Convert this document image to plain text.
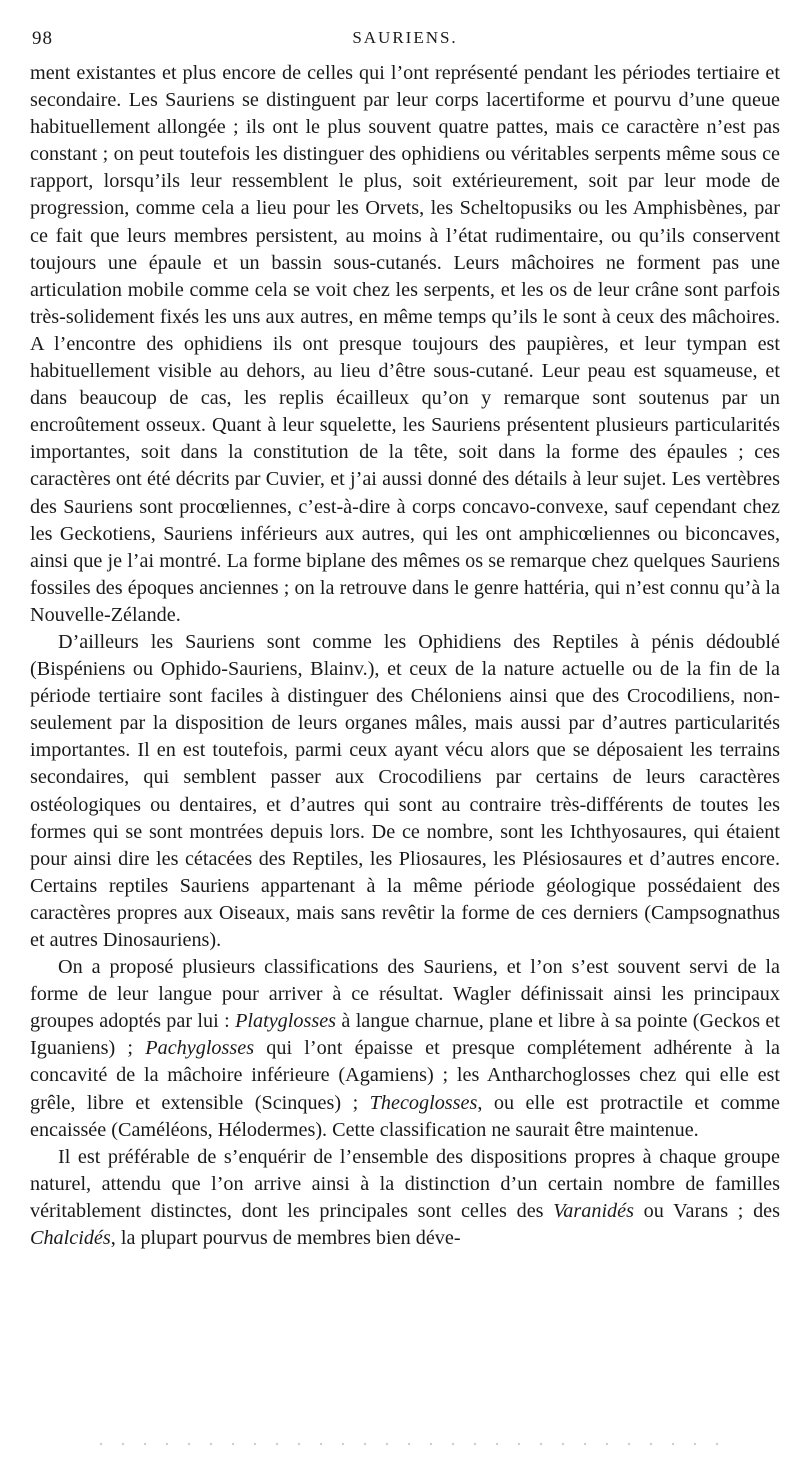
98	SAURIENS.

ment existantes et plus encore de celles qui l’ont représenté pendant les périodes tertiaire et secondaire. Les Sauriens se distinguent par leur corps lacertiforme et pourvu d’une queue habituellement allongée ; ils ont le plus souvent quatre pattes, mais ce caractère n’est pas constant ; on peut toutefois les distinguer des ophidiens ou véritables serpents même sous ce rapport, lorsqu’ils leur ressemblent le plus, soit extérieurement, soit par leur mode de progression, comme cela a lieu pour les Orvets, les Scheltopusiks ou les Amphisbènes, par ce fait que leurs membres persistent, au moins à l’état rudimentaire, ou qu’ils conservent toujours une épaule et un bassin sous-cutanés. Leurs mâchoires ne forment pas une articulation mobile comme cela se voit chez les serpents, et les os de leur crâne sont parfois très-solidement fixés les uns aux autres, en même temps qu’ils le sont à ceux des mâchoires. A l’encontre des ophidiens ils ont presque toujours des paupières, et leur tympan est habituellement visible au dehors, au lieu d’être sous-cutané. Leur peau est squameuse, et dans beaucoup de cas, les replis écailleux qu’on y remarque sont soutenus par un encroûtement osseux. Quant à leur squelette, les Sauriens présentent plusieurs particularités importantes, soit dans la constitution de la tête, soit dans la forme des épaules ; ces caractères ont été décrits par Cuvier, et j’ai aussi donné des détails à leur sujet. Les vertèbres des Sauriens sont procœliennes, c’est-à-dire à corps concavo-convexe, sauf cependant chez les Geckotiens, Sauriens inférieurs aux autres, qui les ont amphicœliennes ou biconcaves, ainsi que je l’ai montré. La forme biplane des mêmes os se remarque chez quelques Sauriens fossiles des époques anciennes ; on la retrouve dans le genre hattéria, qui n’est connu qu’à la Nouvelle-Zélande.

D’ailleurs les Sauriens sont comme les Ophidiens des Reptiles à pénis dédoublé (Bispéniens ou Ophido-Sauriens, Blainv.), et ceux de la nature actuelle ou de la fin de la période tertiaire sont faciles à distinguer des Chéloniens ainsi que des Crocodiliens, non-seulement par la disposition de leurs organes mâles, mais aussi par d’autres particularités importantes. Il en est toutefois, parmi ceux ayant vécu alors que se déposaient les terrains secondaires, qui semblent passer aux Crocodiliens par certains de leurs caractères ostéologiques ou dentaires, et d’autres qui sont au contraire très-différents de toutes les formes qui se sont montrées depuis lors. De ce nombre, sont les Ichthyosaures, qui étaient pour ainsi dire les cétacées des Reptiles, les Pliosaures, les Plésiosaures et d’autres encore. Certains reptiles Sauriens appartenant à la même période géologique possédaient des caractères propres aux Oiseaux, mais sans revêtir la forme de ces derniers (Campsognathus et autres Dinosauriens).

On a proposé plusieurs classifications des Sauriens, et l’on s’est souvent servi de la forme de leur langue pour arriver à ce résultat. Wagler définissait ainsi les principaux groupes adoptés par lui : Platyglosses à langue charnue, plane et libre à sa pointe (Geckos et Iguaniens) ; Pachyglosses qui l’ont épaisse et presque complétement adhérente à la concavité de la mâchoire inférieure (Agamiens) ; les Antharchoglosses chez qui elle est grêle, libre et extensible (Scinques) ; Thecoglosses, ou elle est protractile et comme encaissée (Caméléons, Hélodermes). Cette classification ne saurait être maintenue.

Il est préférable de s’enquérir de l’ensemble des dispositions propres à chaque groupe naturel, attendu que l’on arrive ainsi à la distinction d’un certain nombre de familles véritablement distinctes, dont les principales sont celles des Varanidés ou Varans ; des Chalcidés, la plupart pourvus de membres bien déve-
